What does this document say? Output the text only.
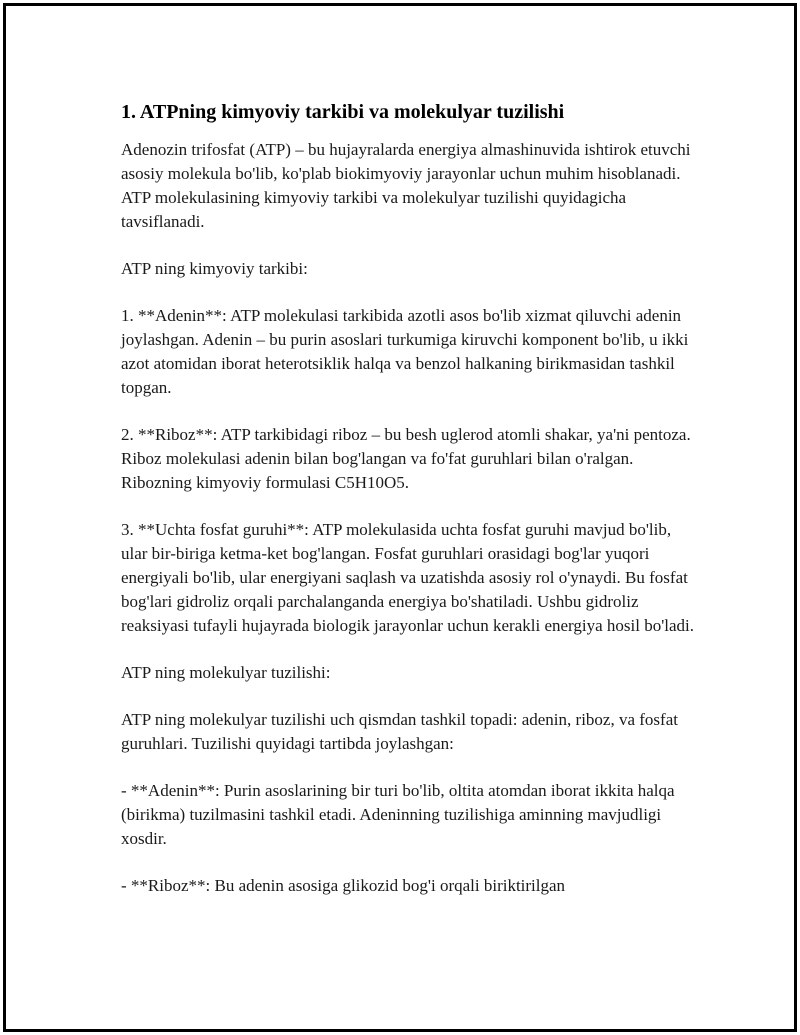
1. ATPning kimyoviy tarkibi va molekulyar tuzilishi

Adenozin trifosfat (ATP) – bu hujayralarda energiya almashinuvida ishtirok etuvchi asosiy molekula bo'lib, ko'plab biokimyoviy jarayonlar uchun muhim hisoblanadi. ATP molekulasining kimyoviy tarkibi va molekulyar tuzilishi quyidagicha tavsiflanadi.

ATP ning kimyoviy tarkibi:

1. **Adenin**: ATP molekulasi tarkibida azotli asos bo'lib xizmat qiluvchi adenin joylashgan. Adenin – bu purin asoslari turkumiga kiruvchi komponent bo'lib, u ikki azot atomidan iborat heterotsiklik halqa va benzol halkaning birikmasidan tashkil topgan.

2. **Riboz**: ATP tarkibidagi riboz – bu besh uglerod atomli shakar, ya'ni pentoza. Riboz molekulasi adenin bilan bog'langan va fo'fat guruhlari bilan o'ralgan. Ribozning kimyoviy formulasi C5H10O5.

3. **Uchta fosfat guruhi**: ATP molekulasida uchta fosfat guruhi mavjud bo'lib, ular bir-biriga ketma-ket bog'langan. Fosfat guruhlari orasidagi bog'lar yuqori energiyali bo'lib, ular energiyani saqlash va uzatishda asosiy rol o'ynaydi. Bu fosfat bog'lari gidroliz orqali parchalanganda energiya bo'shatiladi. Ushbu gidroliz reaksiyasi tufayli hujayrada biologik jarayonlar uchun kerakli energiya hosil bo'ladi.

ATP ning molekulyar tuzilishi:

ATP ning molekulyar tuzilishi uch qismdan tashkil topadi: adenin, riboz, va fosfat guruhlari. Tuzilishi quyidagi tartibda joylashgan:

- **Adenin**: Purin asoslarining bir turi bo'lib, oltita atomdan iborat ikkita halqa (birikma) tuzilmasini tashkil etadi. Adeninning tuzilishiga aminning mavjudligi xosdir.

- **Riboz**: Bu adenin asosiga glikozid bog'i orqali biriktirilgan
